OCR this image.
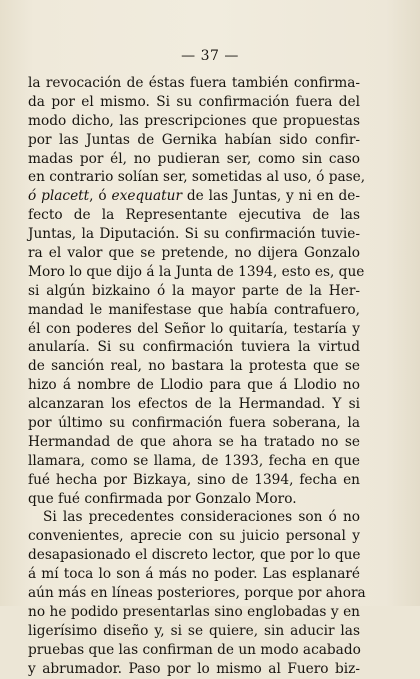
— 37 —
la revocación de éstas fuera también confirma-
da por el mismo. Si su confirmación fuera del
modo dicho, las prescripciones que propuestas
por las Juntas de Gernika habían sido confir-
madas por él, no pudieran ser, como sin caso
en contrario solían ser, sometidas al uso, ó pase,
ó placett, ó exequatur de las Juntas, y ni en de-
fecto de la Representante ejecutiva de las
Juntas, la Diputación. Si su confirmación tuvie-
ra el valor que se pretende, no dijera Gonzalo
Moro lo que dijo á la Junta de 1394, esto es, que
si algún bizkaino ó la mayor parte de la Her-
mandad le manifestase que había contrafuero,
él con poderes del Señor lo quitaría, testaría y
anularía. Si su confirmación tuviera la virtud
de sanción real, no bastara la protesta que se
hizo á nombre de Llodio para que á Llodio no
alcanzaran los efectos de la Hermandad. Y si
por último su confirmación fuera soberana, la
Hermandad de que ahora se ha tratado no se
llamara, como se llama, de 1393, fecha en que
fué hecha por Bizkaya, sino de 1394, fecha en
que fué confirmada por Gonzalo Moro.
Si las precedentes consideraciones son ó no
convenientes, aprecie con su juicio personal y
desapasionado el discreto lector, que por lo que
á mí toca lo son á más no poder. Las esplanaré
aún más en líneas posteriores, porque por ahora
no he podido presentarlas sino englobadas y en
ligerísimo diseño y, si se quiere, sin aducir las
pruebas que las confirman de un modo acabado
y abrumador. Paso por lo mismo al Fuero biz-
